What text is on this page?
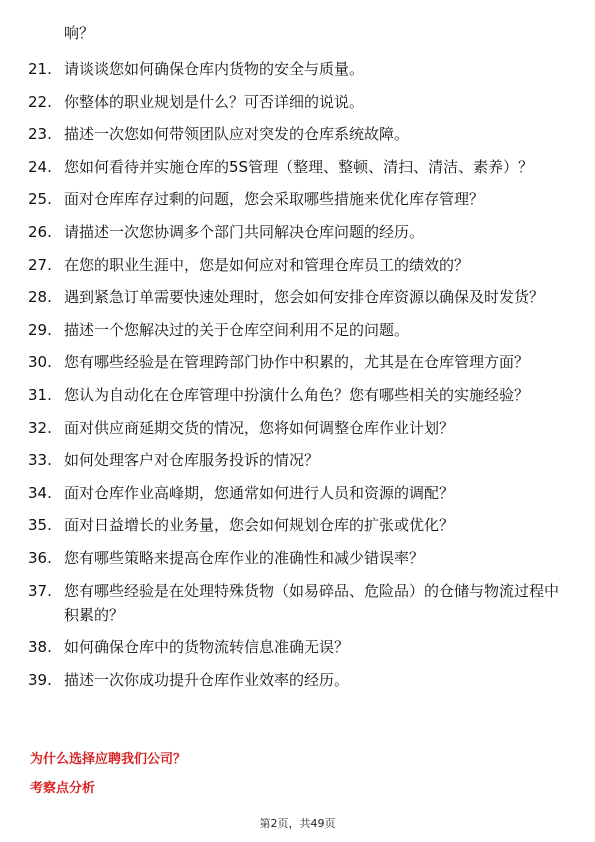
响？
21. 请谈谈您如何确保仓库内货物的安全与质量。
22. 你整体的职业规划是什么？可否详细的说说。
23. 描述一次您如何带领团队应对突发的仓库系统故障。
24. 您如何看待并实施仓库的5S管理（整理、整顿、清扫、清洁、素养）？
25. 面对仓库库存过剩的问题，您会采取哪些措施来优化库存管理？
26. 请描述一次您协调多个部门共同解决仓库问题的经历。
27. 在您的职业生涯中，您是如何应对和管理仓库员工的绩效的？
28. 遇到紧急订单需要快速处理时，您会如何安排仓库资源以确保及时发货？
29. 描述一个您解决过的关于仓库空间利用不足的问题。
30. 您有哪些经验是在管理跨部门协作中积累的，尤其是在仓库管理方面？
31. 您认为自动化在仓库管理中扮演什么角色？您有哪些相关的实施经验？
32. 面对供应商延期交货的情况，您将如何调整仓库作业计划？
33. 如何处理客户对仓库服务投诉的情况？
34. 面对仓库作业高峰期，您通常如何进行人员和资源的调配？
35. 面对日益增长的业务量，您会如何规划仓库的扩张或优化？
36. 您有哪些策略来提高仓库作业的准确性和减少错误率？
37. 您有哪些经验是在处理特殊货物（如易碎品、危险品）的仓储与物流过程中积累的？
38. 如何确保仓库中的货物流转信息准确无误？
39. 描述一次你成功提升仓库作业效率的经历。
为什么选择应聘我们公司？
考察点分析
第2页，共49页
